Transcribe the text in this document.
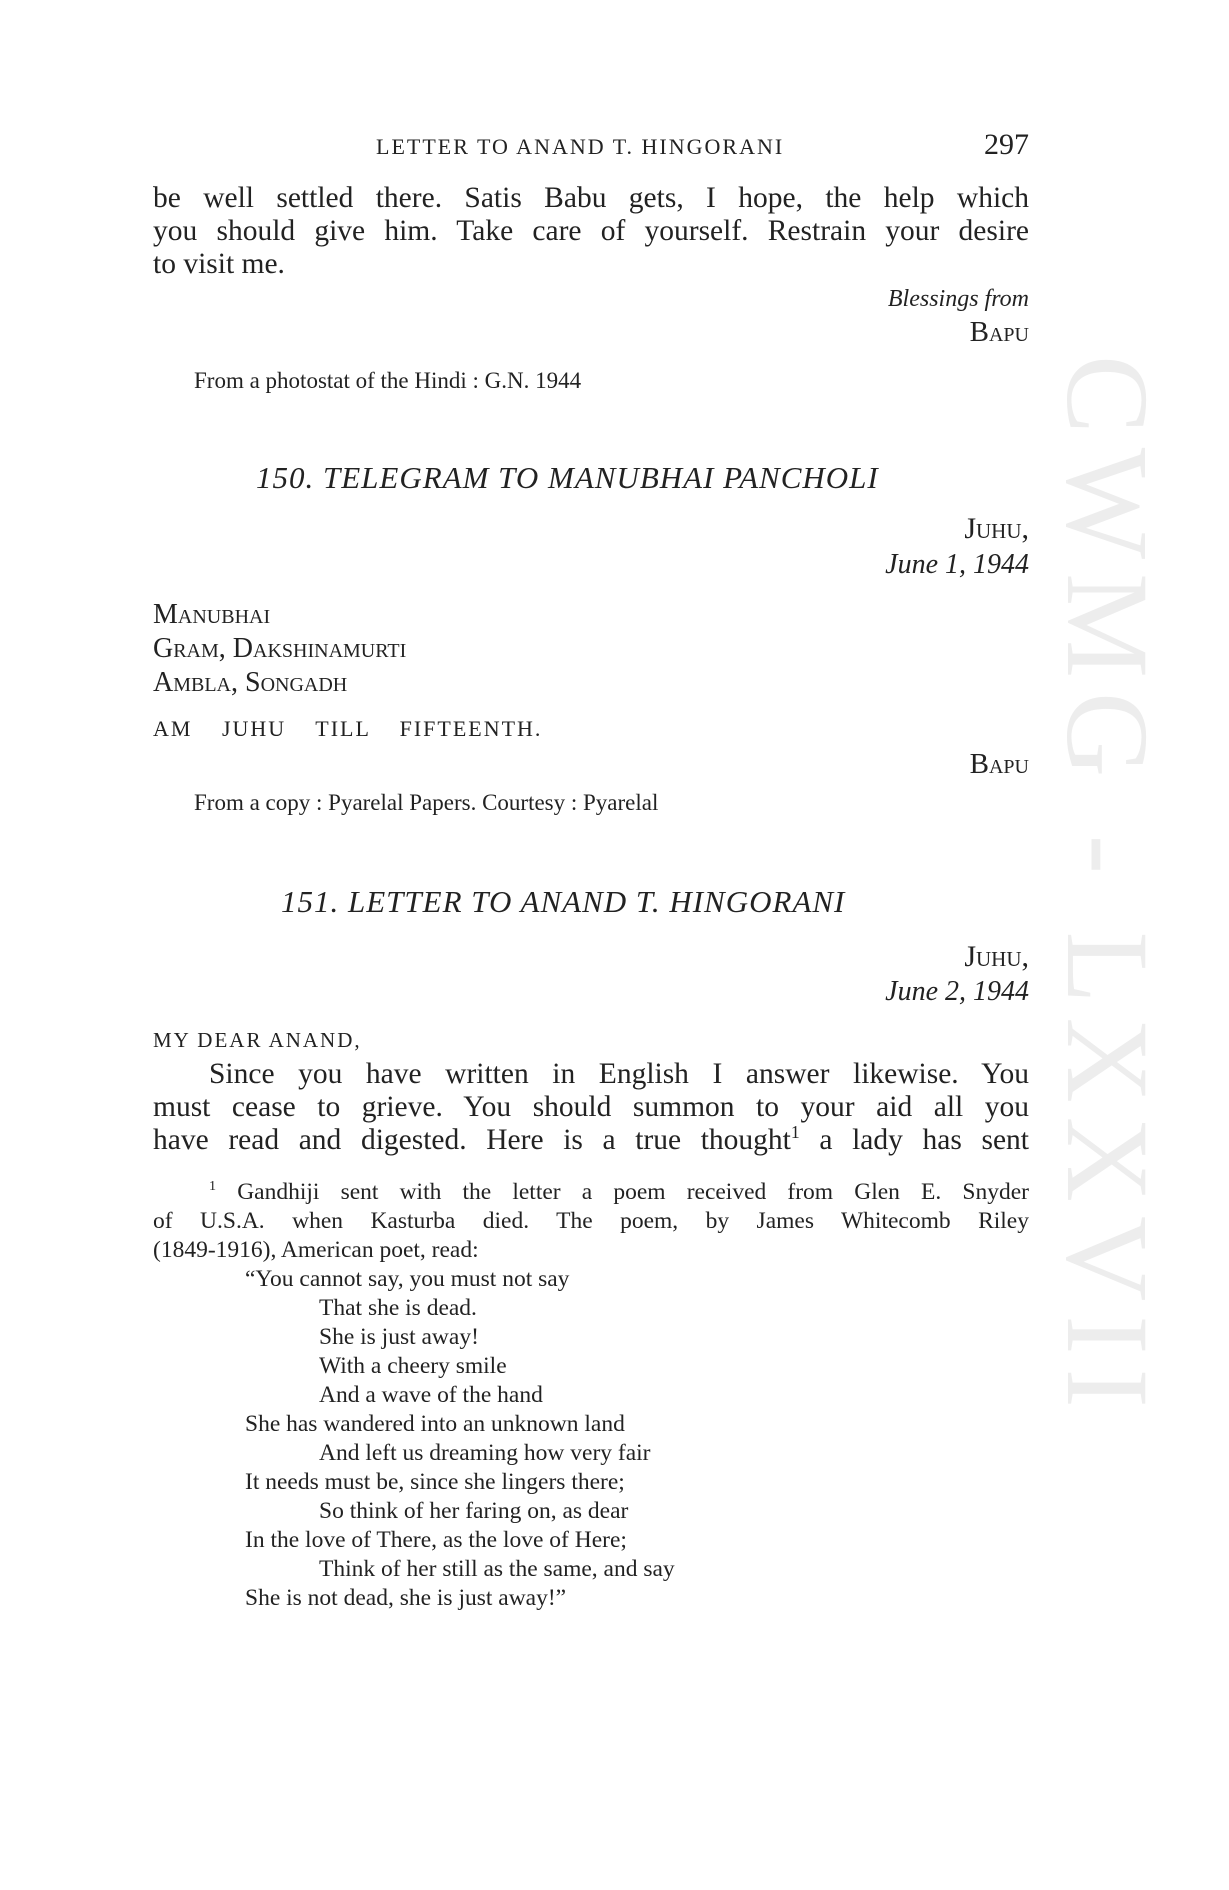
CWMG - LXXVII
LETTER TO ANAND T. HINGORANI	297
be well settled there. Satis Babu gets, I hope, the help which
you should give him. Take care of yourself. Restrain your desire
to visit me.
Blessings from
Bapu
From a photostat of the Hindi : G.N. 1944
150. TELEGRAM TO MANUBHAI PANCHOLI
Juhu,
June 1, 1944
Manubhai
Gram, Dakshinamurti
Ambla, Songadh
AM JUHU TILL FIFTEENTH.
Bapu
From a copy : Pyarelal Papers. Courtesy : Pyarelal
151. LETTER TO ANAND T. HINGORANI
Juhu,
June 2, 1944
MY DEAR ANAND,
Since you have written in English I answer likewise. You
must cease to grieve. You should summon to your aid all you
have read and digested. Here is a true thought$^1$ a lady has sent
$^1$ Gandhiji sent with the letter a poem received from Glen E. Snyder
of U.S.A. when Kasturba died. The poem, by James Whitecomb Riley
(1849-1916), American poet, read:
“You cannot say, you must not say
That she is dead.
She is just away!
With a cheery smile
And a wave of the hand
She has wandered into an unknown land
And left us dreaming how very fair
It needs must be, since she lingers there;
So think of her faring on, as dear
In the love of There, as the love of Here;
Think of her still as the same, and say
She is not dead, she is just away!”
